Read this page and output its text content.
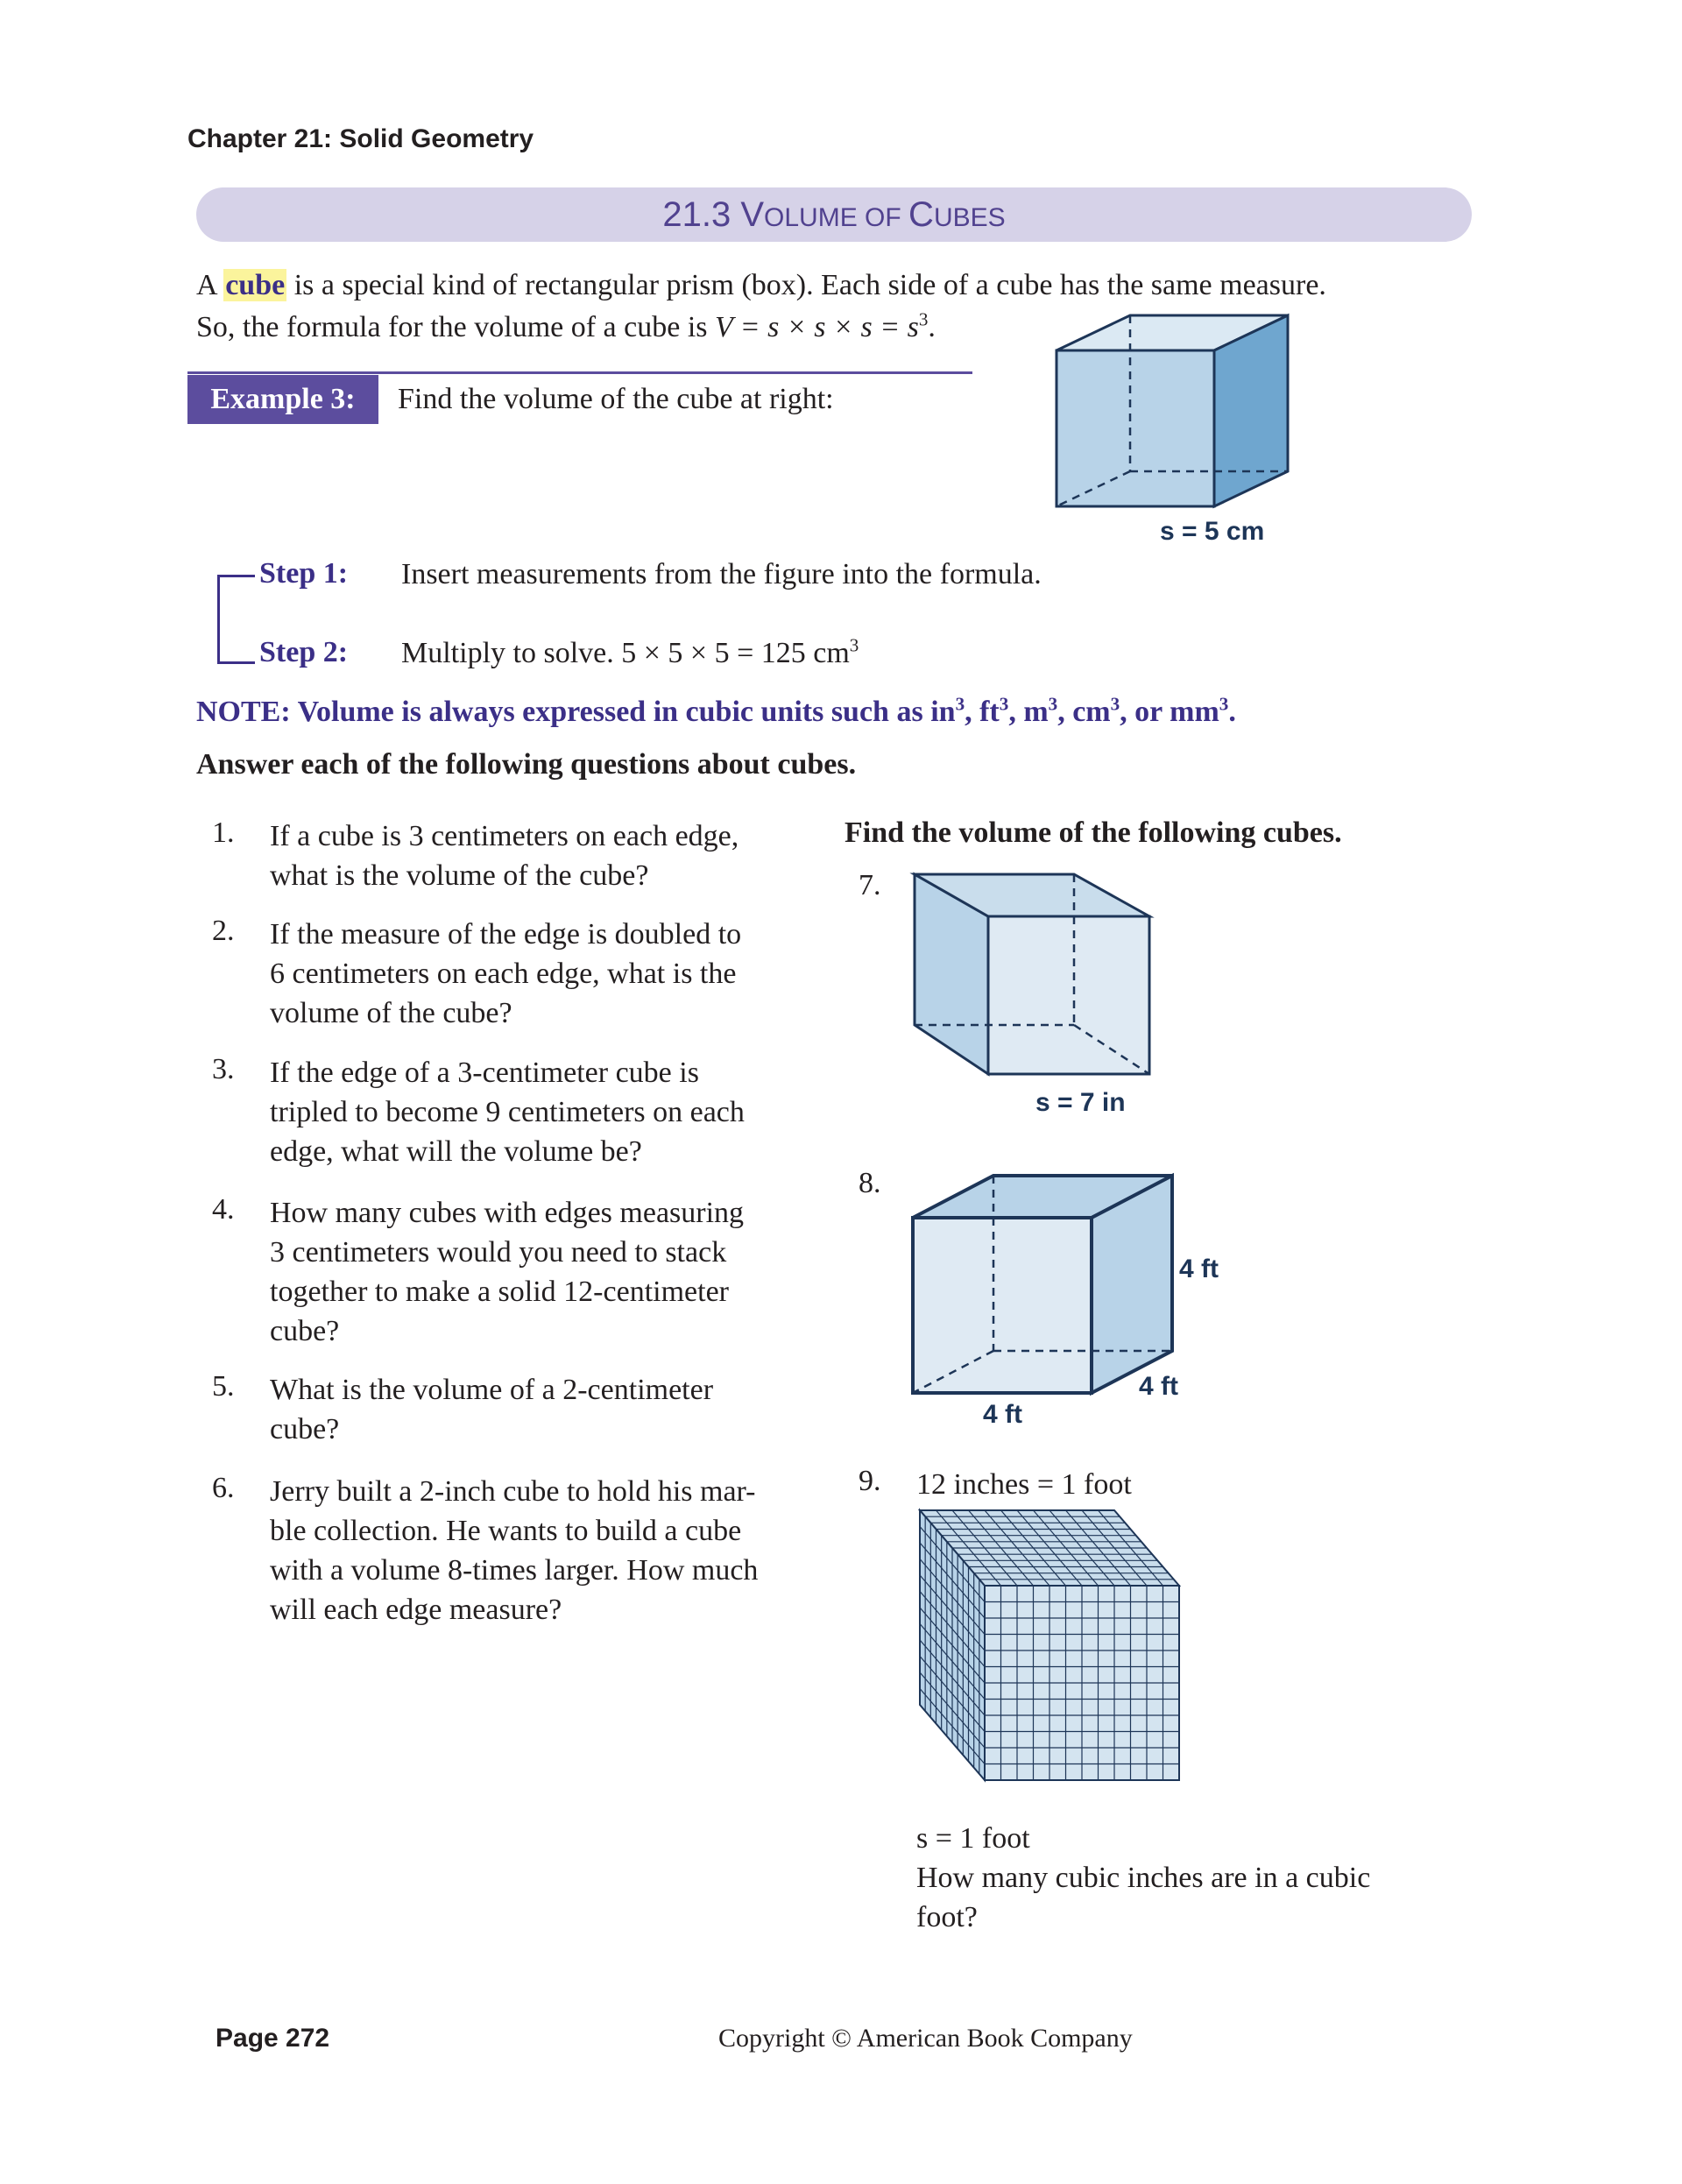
Chapter 21: Solid Geometry
21.3 VOLUME OF CUBES
A cube is a special kind of rectangular prism (box). Each side of a cube has the same measure.
So, the formula for the volume of a cube is $V = s \times s \times s = s^3$.
Example 3:	Find the volume of the cube at right:
s = 5 cm
Step 1: Insert measurements from the figure into the formula.
Step 2: Multiply to solve. 5 × 5 × 5 = 125 $cm^3$
NOTE: Volume is always expressed in cubic units such as $in^3$, $ft^3$, $m^3$, $cm^3$, or $mm^3$.
Answer each of the following questions about cubes.
1. If a cube is 3 centimeters on each edge,
what is the volume of the cube?
2. If the measure of the edge is doubled to
6 centimeters on each edge, what is the
volume of the cube?
3. If the edge of a 3-centimeter cube is
tripled to become 9 centimeters on each
edge, what will the volume be?
4. How many cubes with edges measuring
3 centimeters would you need to stack
together to make a solid 12-centimeter
cube?
5. What is the volume of a 2-centimeter
cube?
6. Jerry built a 2-inch cube to hold his mar-
ble collection. He wants to build a cube
with a volume 8-times larger. How much
will each edge measure?
Find the volume of the following cubes.
7.
s = 7 in
8.
4 ft
4 ft
4 ft
9. 12 inches = 1 foot
s = 1 foot
How many cubic inches are in a cubic
foot?
Page 272	Copyright © American Book Company
